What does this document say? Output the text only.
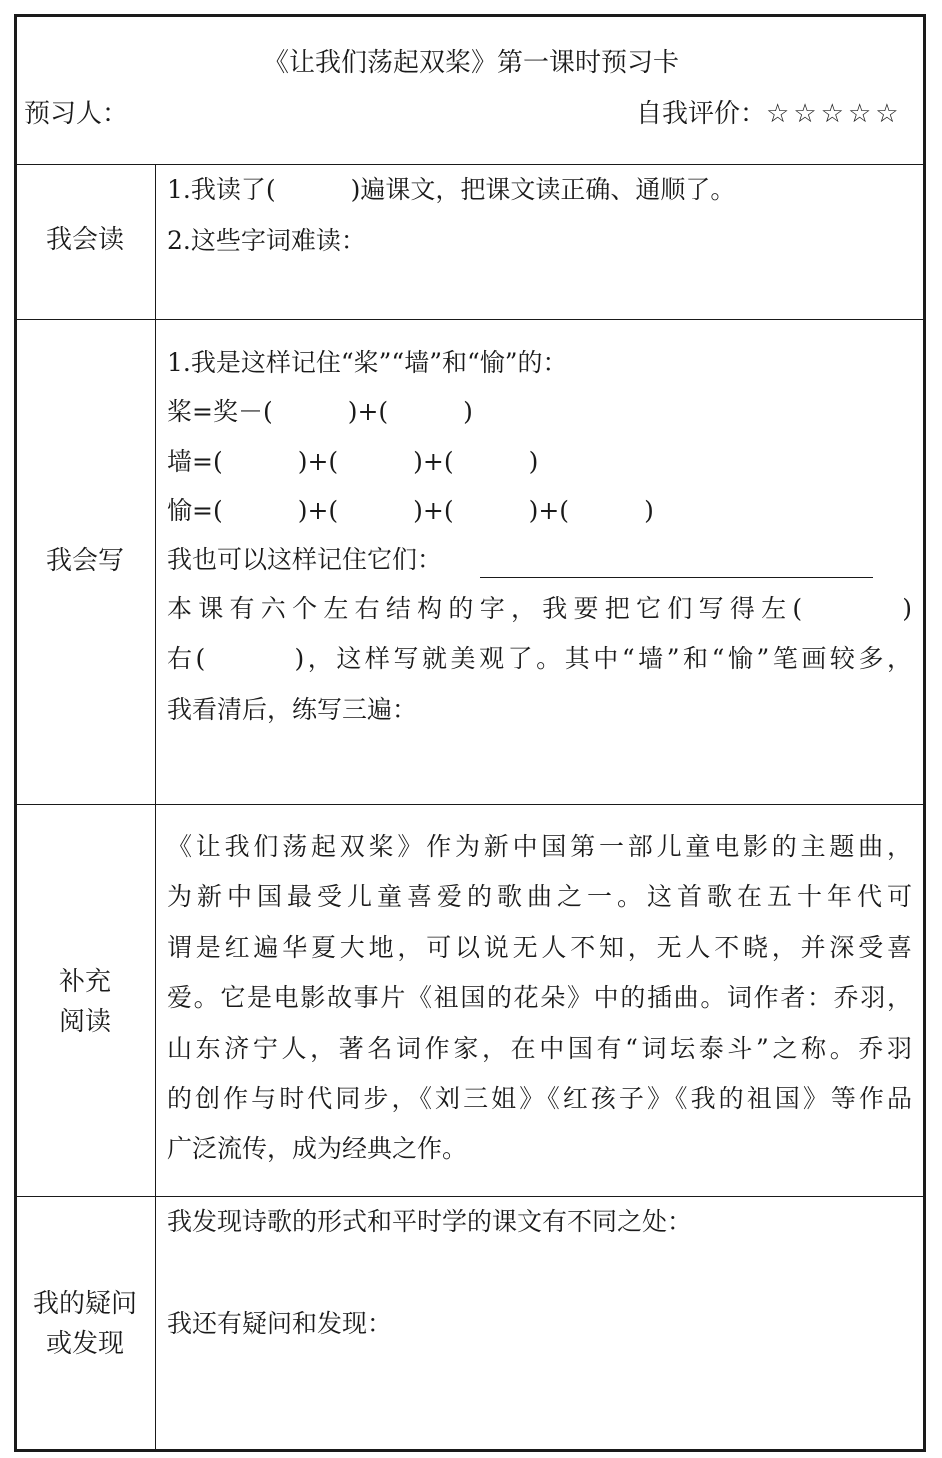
《让我们荡起双桨》第一课时预习卡
预习人：	自我评价：☆☆☆☆☆
我会读
1.我读了(　　　)遍课文，把课文读正确、通顺了。
2.这些字词难读：
我会写
1.我是这样记住“桨”“墙”和“愉”的：
桨=奖－(　　　)+(　　　)
墙=(　　　)+(　　　)+(　　　)
愉=(　　　)+(　　　)+(　　　)+(　　　)
我也可以这样记住它们：
本课有六个左右结构的字，我要把它们写得左(　　　)
右(　　　)，这样写就美观了。其中“墙”和“愉”笔画较多，
我看清后，练写三遍：
补充
阅读
《让我们荡起双桨》作为新中国第一部儿童电影的主题曲，
为新中国最受儿童喜爱的歌曲之一。这首歌在五十年代可
谓是红遍华夏大地，可以说无人不知，无人不晓，并深受喜
爱。它是电影故事片《祖国的花朵》中的插曲。词作者：乔羽，
山东济宁人，著名词作家，在中国有“词坛泰斗”之称。乔羽
的创作与时代同步，《刘三姐》《红孩子》《我的祖国》等作品
广泛流传，成为经典之作。
我的疑问
或发现
我发现诗歌的形式和平时学的课文有不同之处：
我还有疑问和发现：
